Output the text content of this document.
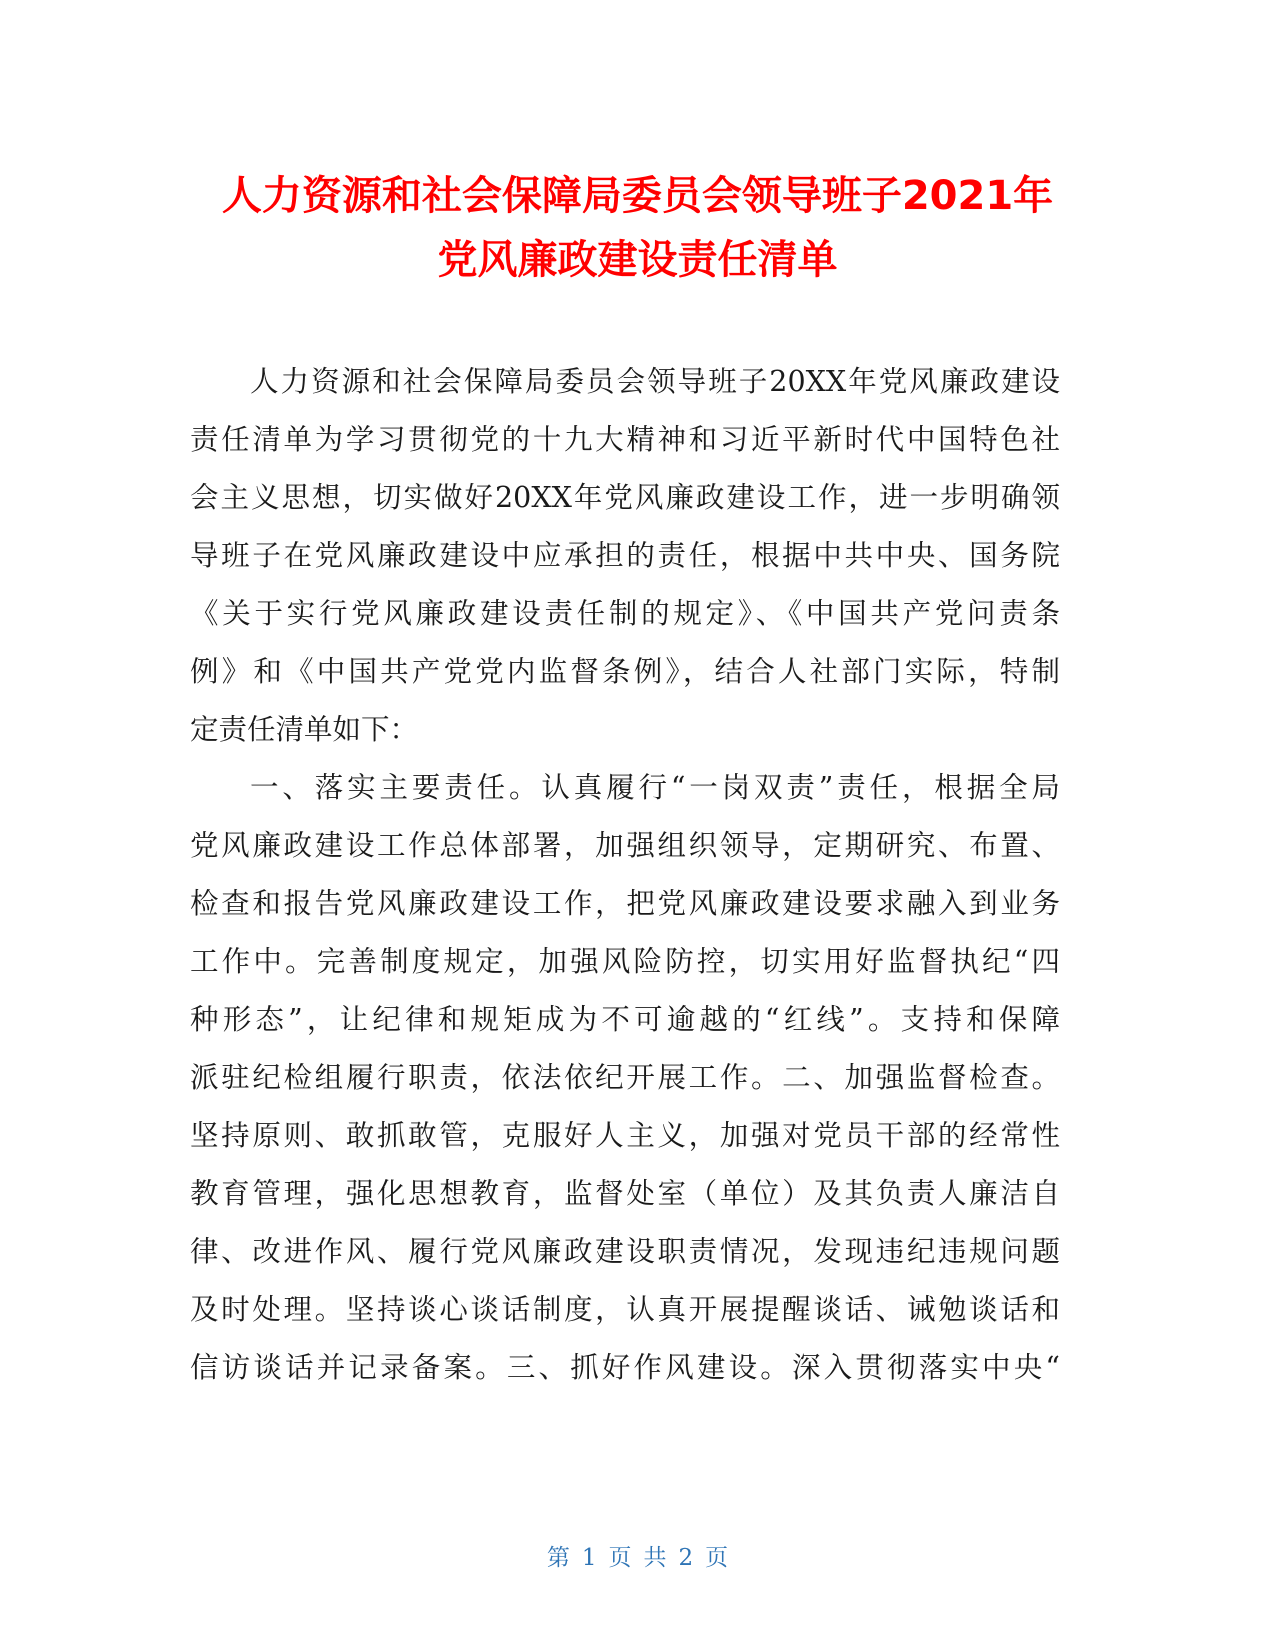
人力资源和社会保障局委员会领导班子2021年
党风廉政建设责任清单
人力资源和社会保障局委员会领导班子20XX年党风廉政建设
责任清单为学习贯彻党的十九大精神和习近平新时代中国特色社
会主义思想，切实做好20XX年党风廉政建设工作，进一步明确领
导班子在党风廉政建设中应承担的责任，根据中共中央、国务院
《关于实行党风廉政建设责任制的规定》、《中国共产党问责条
例》和《中国共产党党内监督条例》，结合人社部门实际，特制
定责任清单如下：
一、落实主要责任。认真履行“一岗双责”责任，根据全局
党风廉政建设工作总体部署，加强组织领导，定期研究、布置、
检查和报告党风廉政建设工作，把党风廉政建设要求融入到业务
工作中。完善制度规定，加强风险防控，切实用好监督执纪“四
种形态”，让纪律和规矩成为不可逾越的“红线”。支持和保障
派驻纪检组履行职责，依法依纪开展工作。二、加强监督检查。
坚持原则、敢抓敢管，克服好人主义，加强对党员干部的经常性
教育管理，强化思想教育，监督处室（单位）及其负责人廉洁自
律、改进作风、履行党风廉政建设职责情况，发现违纪违规问题
及时处理。坚持谈心谈话制度，认真开展提醒谈话、诫勉谈话和
信访谈话并记录备案。三、抓好作风建设。深入贯彻落实中央“
第 1 页 共 2 页
